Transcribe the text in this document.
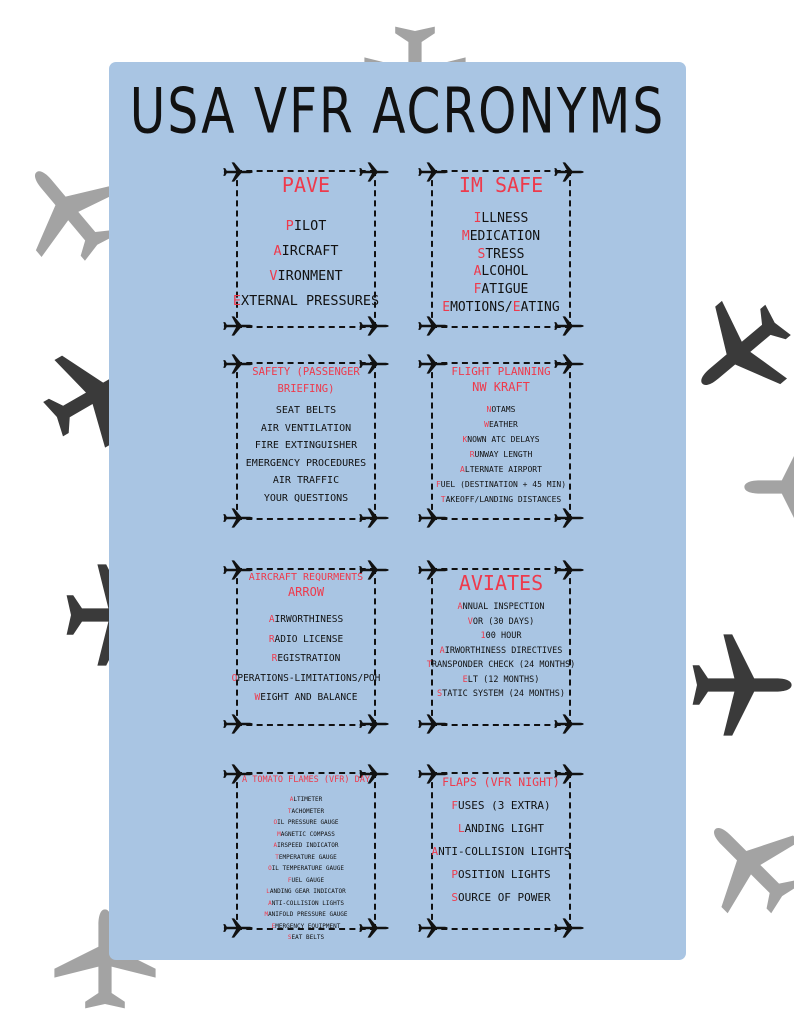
USA VFR ACRONYMS
PAVE
PILOT
AIRCRAFT
VIRONMENT
EXTERNAL PRESSURES
IM SAFE
ILLNESS
MEDICATION
STRESS
ALCOHOL
FATIGUE
EMOTIONS/EATING
SAFETY (PASSENGER BRIEFING)
SEAT BELTS
AIR VENTILATION
FIRE EXTINGUISHER
EMERGENCY PROCEDURES
AIR TRAFFIC
YOUR QUESTIONS
FLIGHT PLANNING
NW KRAFT
NOTAMS
WEATHER
KNOWN ATC DELAYS
RUNWAY LENGTH
ALTERNATE AIRPORT
FUEL (DESTINATION + 45 MIN)
TAKEOFF/LANDING DISTANCES
AIRCRAFT REQURMENTS
ARROW
AIRWORTHINESS
RADIO LICENSE
REGISTRATION
OPERATIONS-LIMITATIONS/POH
WEIGHT AND BALANCE
AVIATES
ANNUAL INSPECTION
VOR (30 DAYS)
100 HOUR
AIRWORTHINESS DIRECTIVES
TRANSPONDER CHECK (24 MONTHS)
ELT (12 MONTHS)
STATIC SYSTEM (24 MONTHS)
A TOMATO FLAMES (VFR) DAY
ALTIMETER
TACHOMETER
OIL PRESSURE GAUGE
MAGNETIC COMPASS
AIRSPEED INDICATOR
TEMPERATURE GAUGE
OIL TEMPERATURE GAUGE
FUEL GAUGE
LANDING GEAR INDICATOR
ANTI-COLLISION LIGHTS
MANIFOLD PRESSURE GAUGE
EMERGENCY EQUIPMENT
SEAT BELTS
FLAPS (VFR NIGHT)
FUSES (3 EXTRA)
LANDING LIGHT
ANTI-COLLISION LIGHTS
POSITION LIGHTS
SOURCE OF POWER
